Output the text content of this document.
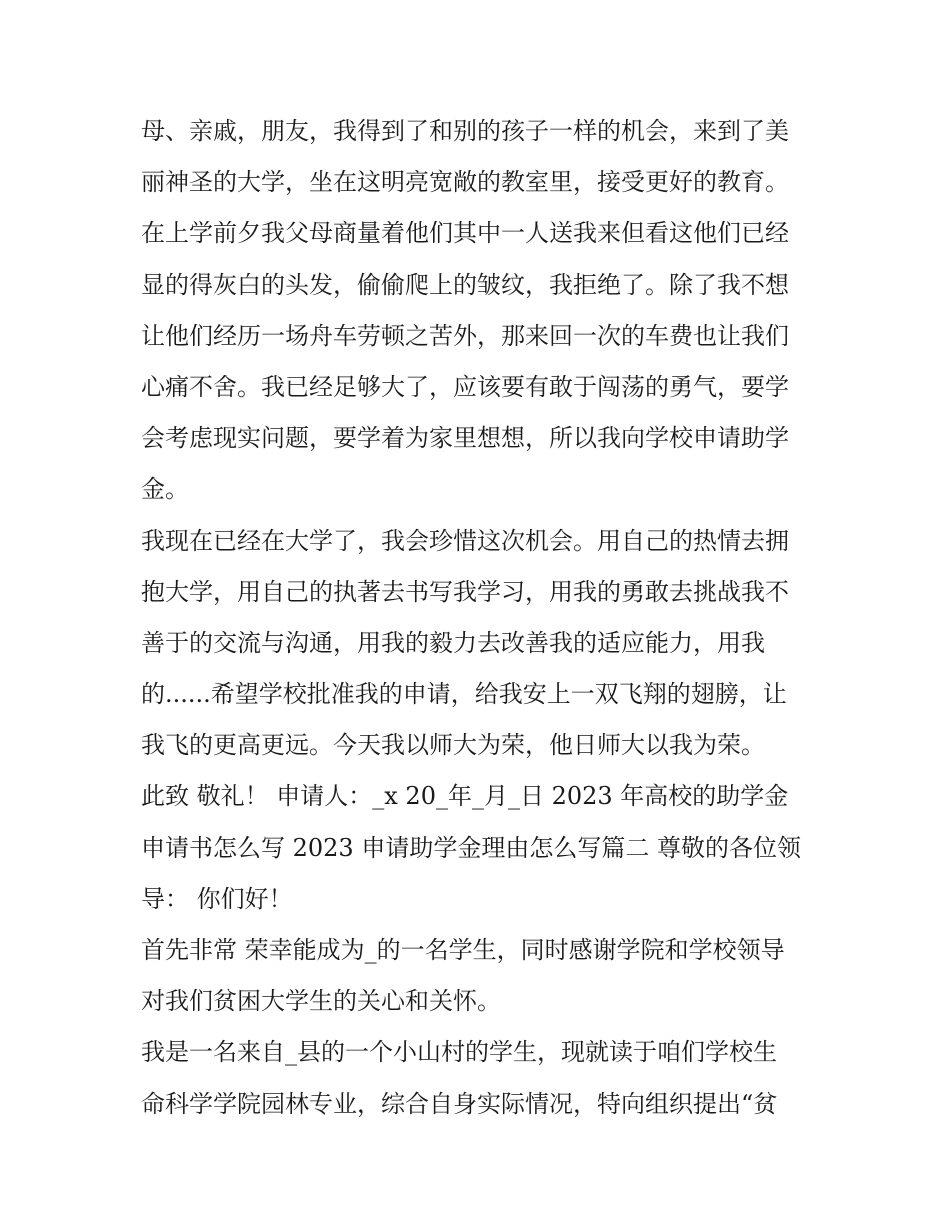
母、亲戚，朋友，我得到了和别的孩子一样的机会，来到了美
丽神圣的大学，坐在这明亮宽敞的教室里，接受更好的教育。
在上学前夕我父母商量着他们其中一人送我来但看这他们已经
显的得灰白的头发，偷偷爬上的皱纹，我拒绝了。除了我不想
让他们经历一场舟车劳顿之苦外，那来回一次的车费也让我们
心痛不舍。我已经足够大了，应该要有敢于闯荡的勇气，要学
会考虑现实问题，要学着为家里想想，所以我向学校申请助学
金。
我现在已经在大学了，我会珍惜这次机会。用自己的热情去拥
抱大学，用自己的执著去书写我学习，用我的勇敢去挑战我不
善于的交流与沟通，用我的毅力去改善我的适应能力，用我
的......希望学校批准我的申请，给我安上一双飞翔的翅膀，让
我飞的更高更远。今天我以师大为荣，他日师大以我为荣。
此致 敬礼！ 申请人：_x 20_年_月_日 2023 年高校的助学金
申请书怎么写 2023 申请助学金理由怎么写篇二 尊敬的各位领
导： 你们好！
首先非常 荣幸能成为_的一名学生，同时感谢学院和学校领导
对我们贫困大学生的关心和关怀。
我是一名来自_县的一个小山村的学生，现就读于咱们学校生
命科学学院园林专业，综合自身实际情况，特向组织提出“贫
